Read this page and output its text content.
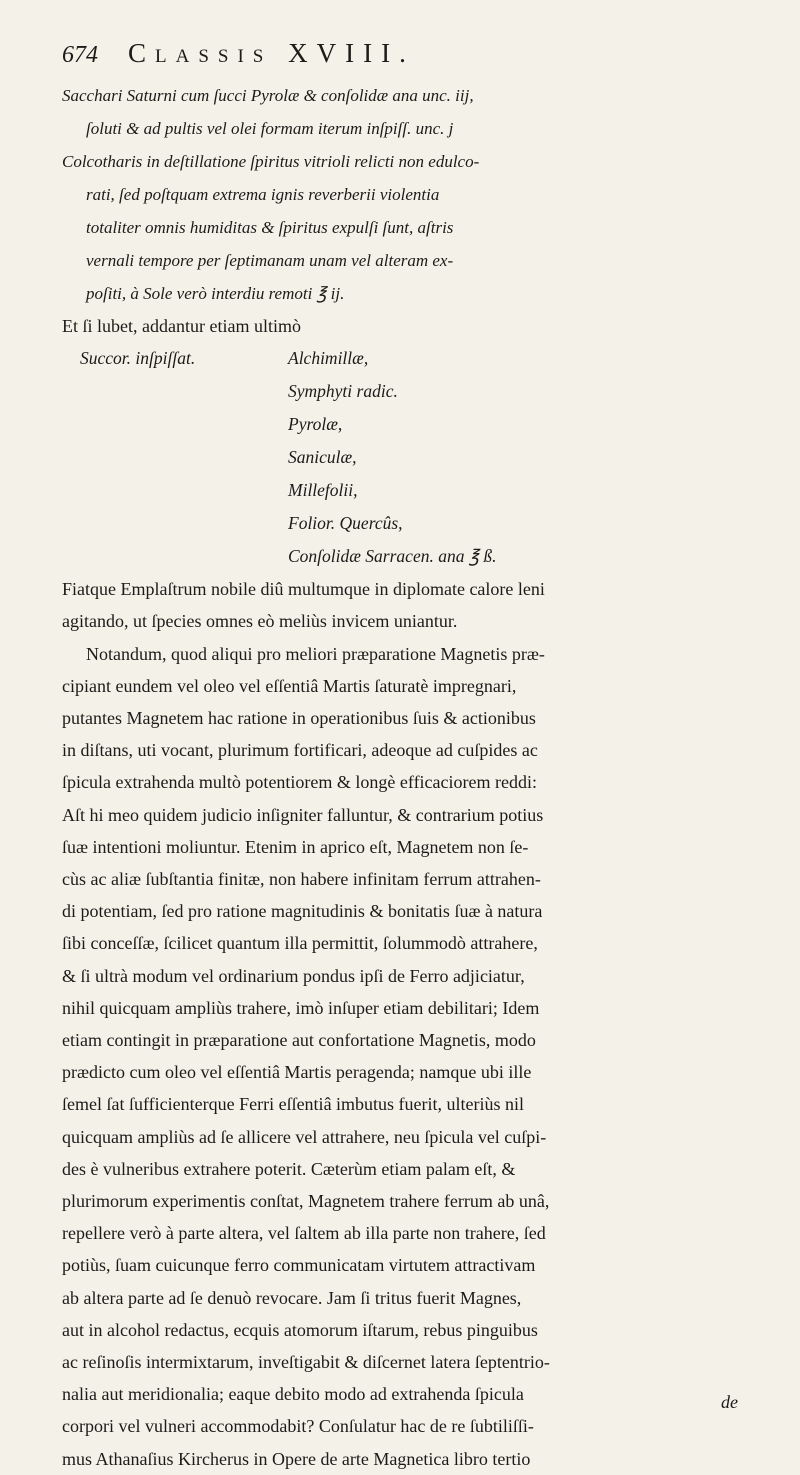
674 Classis XVIII.

Sacchari Saturni cum ſucci Pyrolæ & conſolidæ ana unc. iij,
ſoluti & ad pultis vel olei formam iterum inſpiſſ. unc. j
Colcotharis in deſtillatione ſpiritus vitrioli relicti non edulco-
rati, ſed poſtquam extrema ignis reverberii violentia
totaliter omnis humiditas & ſpiritus expulſi ſunt, aſtris
vernali tempore per ſeptimanam unam vel alteram ex-
poſiti, à Sole verò interdiu remoti ℥ ij.

Et ſi lubet, addantur etiam ultimò

Succor. inſpiſſat.	Alchimillæ,
Symphyti radic.
Pyrolæ,
Saniculæ,
Millefolii,
Folior. Quercûs,
Conſolidæ Sarracen. ana ℥ ß.

Fiatque Emplaſtrum nobile diû multumque in diplomate calore leni
agitando, ut ſpecies omnes eò meliùs invicem uniantur.
Notandum, quod aliqui pro meliori præparatione Magnetis præ-
cipiant eundem vel oleo vel eſſentiâ Martis ſaturatè impregnari,
putantes Magnetem hac ratione in operationibus ſuis & actionibus
in diſtans, uti vocant, plurimum fortificari, adeoque ad cuſpides ac
ſpicula extrahenda multò potentiorem & longè efficaciorem reddi:
Aſt hi meo quidem judicio inſigniter falluntur, & contrarium potius
ſuæ intentioni moliuntur. Etenim in aprico eſt, Magnetem non ſe-
cùs ac aliæ ſubſtantia finitæ, non habere infinitam ferrum attrahen-
di potentiam, ſed pro ratione magnitudinis & bonitatis ſuæ à natura
ſibi conceſſæ, ſcilicet quantum illa permittit, ſolummodò attrahere,
& ſi ultrà modum vel ordinarium pondus ipſi de Ferro adjiciatur,
nihil quicquam ampliùs trahere, imò inſuper etiam debilitari; Idem
etiam contingit in præparatione aut confortatione Magnetis, modo
prædicto cum oleo vel eſſentiâ Martis peragenda; namque ubi ille
ſemel ſat ſufficienterque Ferri eſſentiâ imbutus fuerit, ulteriùs nil
quicquam ampliùs ad ſe allicere vel attrahere, neu ſpicula vel cuſpi-
des è vulneribus extrahere poterit. Cæterùm etiam palam eſt, &
plurimorum experimentis conſtat, Magnetem trahere ferrum ab unâ,
repellere verò à parte altera, vel ſaltem ab illa parte non trahere, ſed
potiùs, ſuam cuicunque ferro communicatam virtutem attractivam
ab altera parte ad ſe denuò revocare. Jam ſi tritus fuerit Magnes,
aut in alcohol redactus, ecquis atomorum iſtarum, rebus pinguibus
ac reſinoſis intermixtarum, inveſtigabit & diſcernet latera ſeptentrio-
nalia aut meridionalia; eaque debito modo ad extrahenda ſpicula
corpori vel vulneri accommodabit? Conſulatur hac de re ſubtiliſſi-
mus Athanaſius Kircherus in Opere de arte Magnetica libro tertio

de
